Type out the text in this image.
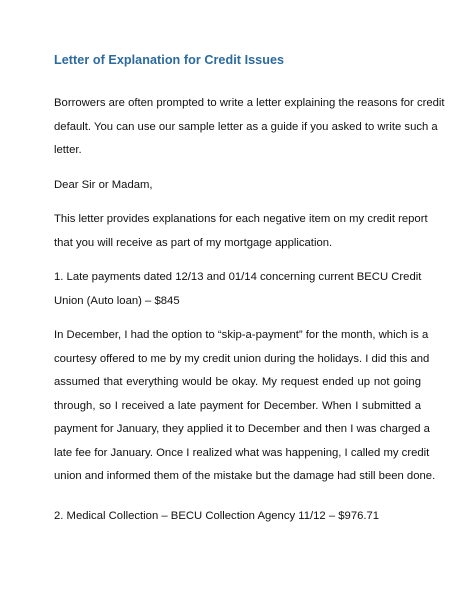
Letter of Explanation for Credit Issues
Borrowers are often prompted to write a letter explaining the reasons for credit
default. You can use our sample letter as a guide if you asked to write such a
letter.
Dear Sir or Madam,
This letter provides explanations for each negative item on my credit report
that you will receive as part of my mortgage application.
1. Late payments dated 12/13 and 01/14 concerning current BECU Credit
Union (Auto loan) – $845
In December, I had the option to “skip-a-payment” for the month, which is a
courtesy offered to me by my credit union during the holidays. I did this and
assumed that everything would be okay. My request ended up not going
through, so I received a late payment for December. When I submitted a
payment for January, they applied it to December and then I was charged a
late fee for January. Once I realized what was happening, I called my credit
union and informed them of the mistake but the damage had still been done.
2. Medical Collection – BECU Collection Agency 11/12 – $976.71
